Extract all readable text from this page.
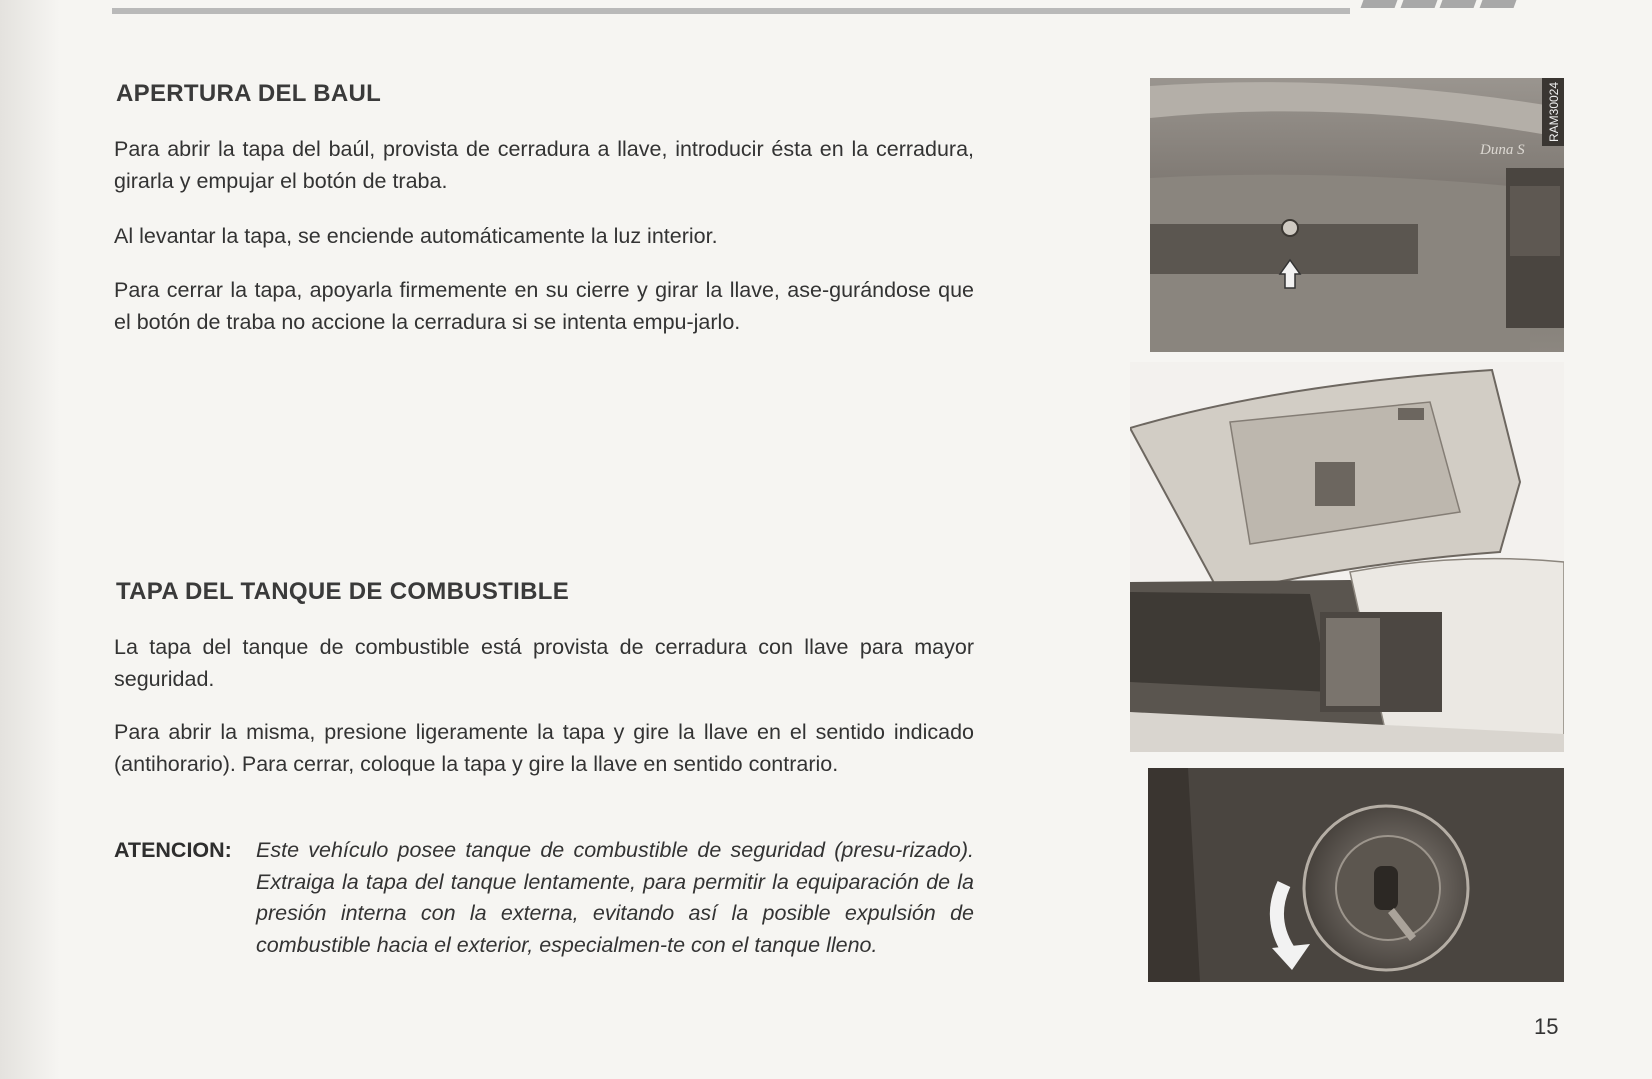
APERTURA DEL BAUL

Para abrir la tapa del baúl, provista de cerradura a llave, introducir ésta en la cerradura, girarla y empujar el botón de traba.

Al levantar la tapa, se enciende automáticamente la luz interior.

Para cerrar la tapa, apoyarla firmemente en su cierre y girar la llave, ase-gurándose que el botón de traba no accione la cerradura si se intenta empu-jarlo.

TAPA DEL TANQUE DE COMBUSTIBLE

La tapa del tanque de combustible está provista de cerradura con llave para mayor seguridad.

Para abrir la misma, presione ligeramente la tapa y gire la llave en el sentido indicado (antihorario). Para cerrar, coloque la tapa y gire la llave en sentido contrario.

ATENCION: Este vehículo posee tanque de combustible de seguridad (presu-rizado). Extraiga la tapa del tanque lentamente, para permitir la equiparación de la presión interna con la externa, evitando así la posible expulsión de combustible hacia el exterior, especialmen-te con el tanque lleno.

Duna S
RAM30024
15
